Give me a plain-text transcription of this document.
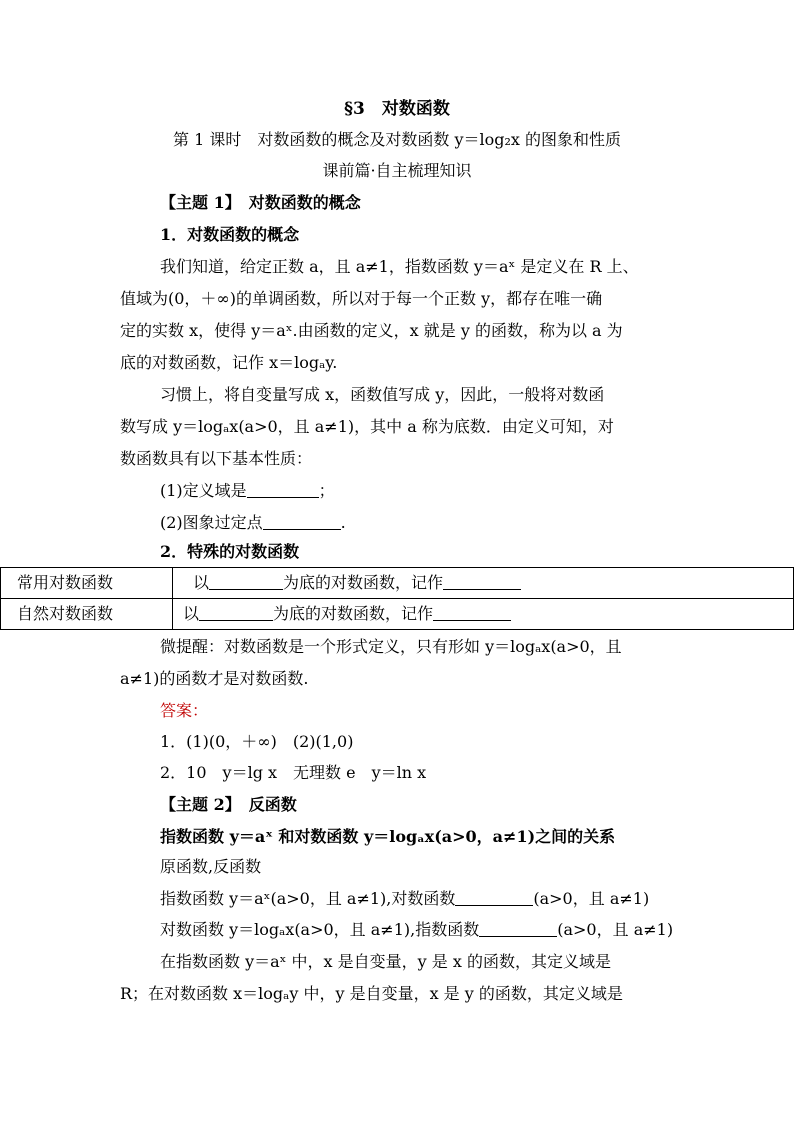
§3　对数函数
第 1 课时　对数函数的概念及对数函数 y＝log₂x 的图象和性质
课前篇·自主梳理知识
【主题 1】　对数函数的概念
1．对数函数的概念
我们知道，给定正数 a，且 a≠1，指数函数 y＝aˣ 是定义在 R 上、
值域为(0，＋∞)的单调函数，所以对于每一个正数 y，都存在唯一确
定的实数 x，使得 y＝aˣ.由函数的定义，x 就是 y 的函数，称为以 a 为
底的对数函数，记作 x＝logₐy.
习惯上，将自变量写成 x，函数值写成 y，因此，一般将对数函
数写成 y＝logₐx(a>0，且 a≠1)，其中 a 称为底数．由定义可知，对
数函数具有以下基本性质：
(1)定义域是	；
(2)图象过定点	.
2．特殊的对数函数
常用对数函数	以 为底的对数函数，记作
自然对数函数	以 为底的对数函数，记作
微提醒：对数函数是一个形式定义，只有形如 y＝logₐx(a>0，且
a≠1)的函数才是对数函数.
答案：
1．(1)(0，＋∞)　(2)(1,0)
2．10　y＝lg x　无理数 e　y＝ln x
【主题 2】　反函数
指数函数 y＝aˣ 和对数函数 y＝logₐx(a>0，a≠1)之间的关系
原函数,反函数
指数函数 y＝aˣ(a>0，且 a≠1),对数函数	(a>0，且 a≠1)
对数函数 y＝logₐx(a>0，且 a≠1),指数函数	(a>0，且 a≠1)
在指数函数 y＝aˣ 中，x 是自变量，y 是 x 的函数，其定义域是
R；在对数函数 x＝logₐy 中，y 是自变量，x 是 y 的函数，其定义域是
